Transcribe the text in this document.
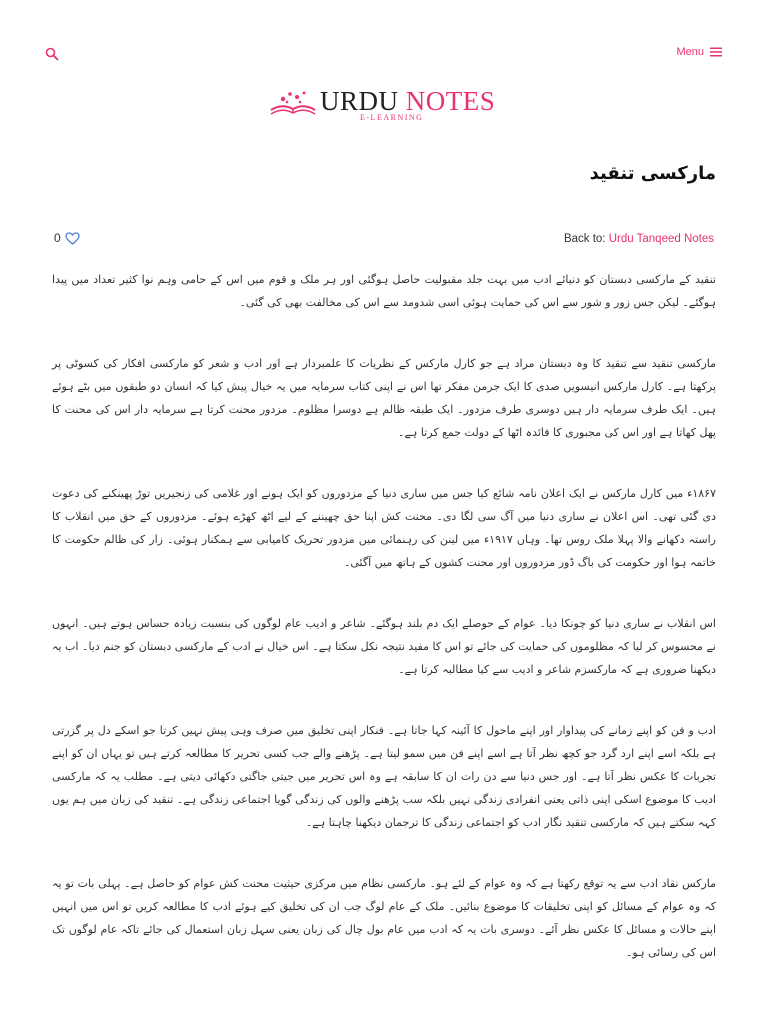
Menu
URDU NOTES
E-LEARNING
مارکسی تنقید
0	Back to: Urdu Tanqeed Notes

تنقید کے مارکسی دبستان کو دنیائے ادب میں بہت جلد مقبولیت حاصل ہوگئی اور ہر ملک و قوم میں اس کے حامی وہم نوا کثیر تعداد میں پیدا ہوگئے۔ لیکن جس زور و شور سے اس کی حمایت ہوئی اسی شدومد سے اس کی مخالفت بھی کی گئی۔

مارکسی تنقید سے تنقید کا وہ دبستان مراد ہے جو کارل مارکس کے نظریات کا علمبردار ہے اور ادب و شعر کو مارکسی افکار کی کسوٹی پر پرکھتا ہے۔ کارل مارکس انیسویں صدی کا ایک جرمن مفکر تھا اس نے اپنی کتاب سرمایہ میں یہ خیال پیش کیا کہ انسان دو طبقوں میں بٹے ہوئے ہیں۔ ایک طرف سرمایہ دار ہیں دوسری طرف مزدور۔ ایک طبقہ ظالم ہے دوسرا مظلوم۔ مزدور محنت کرتا ہے سرمایہ دار اس کی محنت کا پھل کھاتا ہے اور اس کی مجبوری کا فائدہ اٹھا کے دولت جمع کرتا ہے۔

۱۸۶۷ء میں کارل مارکس نے ایک اعلان نامہ شائع کیا جس میں ساری دنیا کے مزدوروں کو ایک ہونے اور غلامی کی زنجیریں توڑ پھینکنے کی دعوت دی گئی تھی۔ اس اعلان نے ساری دنیا میں آگ سی لگا دی۔ محنت کش اپنا حق چھیننے کے لیے اٹھ کھڑے ہوئے۔ مزدوروں کے حق میں انقلاب کا راستہ دکھانے والا پہلا ملک روس تھا۔ وہاں ۱۹۱۷ء میں لینن کی رہنمائی میں مزدور تحریک کامیابی سے ہمکنار ہوئی۔ زار کی ظالم حکومت کا خاتمہ ہوا اور حکومت کی باگ ڈور مزدوروں اور محنت کشوں کے ہاتھ میں آگئی۔

اس انقلاب نے ساری دنیا کو چونکا دیا۔ عوام کے حوصلے ایک دم بلند ہوگئے۔ شاعر و ادیب عام لوگوں کی بنسبت زیادہ حساس ہوتے ہیں۔ انہوں نے محسوس کر لیا کہ مظلوموں کی حمایت کی جائے تو اس کا مفید نتیجہ نکل سکتا ہے۔ اس خیال نے ادب کے مارکسی دبستان کو جنم دیا۔ اب یہ دیکھنا ضروری ہے کہ مارکسزم شاعر و ادیب سے کیا مطالبہ کرتا ہے۔

ادب و فن کو اپنے زمانے کی پیداوار اور اپنے ماحول کا آئینہ کہا جاتا ہے۔ فنکار اپنی تخلیق میں صرف وہی پیش نہیں کرتا جو اسکے دل پر گزرتی ہے بلکہ اسے اپنے ارد گرد جو کچھ نظر آتا ہے اسے اپنے فن میں سمو لیتا ہے۔ پڑھنے والے جب کسی تحریر کا مطالعہ کرتے ہیں تو یہاں ان کو اپنے تجربات کا عکس نظر آتا ہے۔ اور جس دنیا سے دن رات ان کا سابقہ ہے وہ اس تحریر میں جیتی جاگتی دکھائی دیتی ہے۔ مطلب یہ کہ مارکسی ادیب کا موضوع اسکی اپنی ذاتی یعنی انفرادی زندگی نہیں بلکہ سب پڑھنے والوں کی زندگی گویا اجتماعی زندگی ہے۔ تنقید کی زبان میں ہم یوں کہہ سکتے ہیں کہ مارکسی تنقید نگار ادب کو اجتماعی زندگی کا ترجمان دیکھنا چاہتا ہے۔

مارکس نقاد ادب سے یہ توقع رکھتا ہے کہ وہ عوام کے لئے ہو۔ مارکسی نظام میں مرکزی حیثیت محنت کش عوام کو حاصل ہے۔ پہلی بات تو یہ کہ وہ عوام کے مسائل کو اپنی تخلیقات کا موضوع بنائیں۔ ملک کے عام لوگ جب ان کی تخلیق کیے ہوئے ادب کا مطالعہ کریں تو اس میں انہیں اپنے حالات و مسائل کا عکس نظر آئے۔ دوسری بات یہ کہ ادب میں عام بول چال کی زبان یعنی سہل زبان استعمال کی جائے تاکہ عام لوگوں تک اس کی رسائی ہو۔
